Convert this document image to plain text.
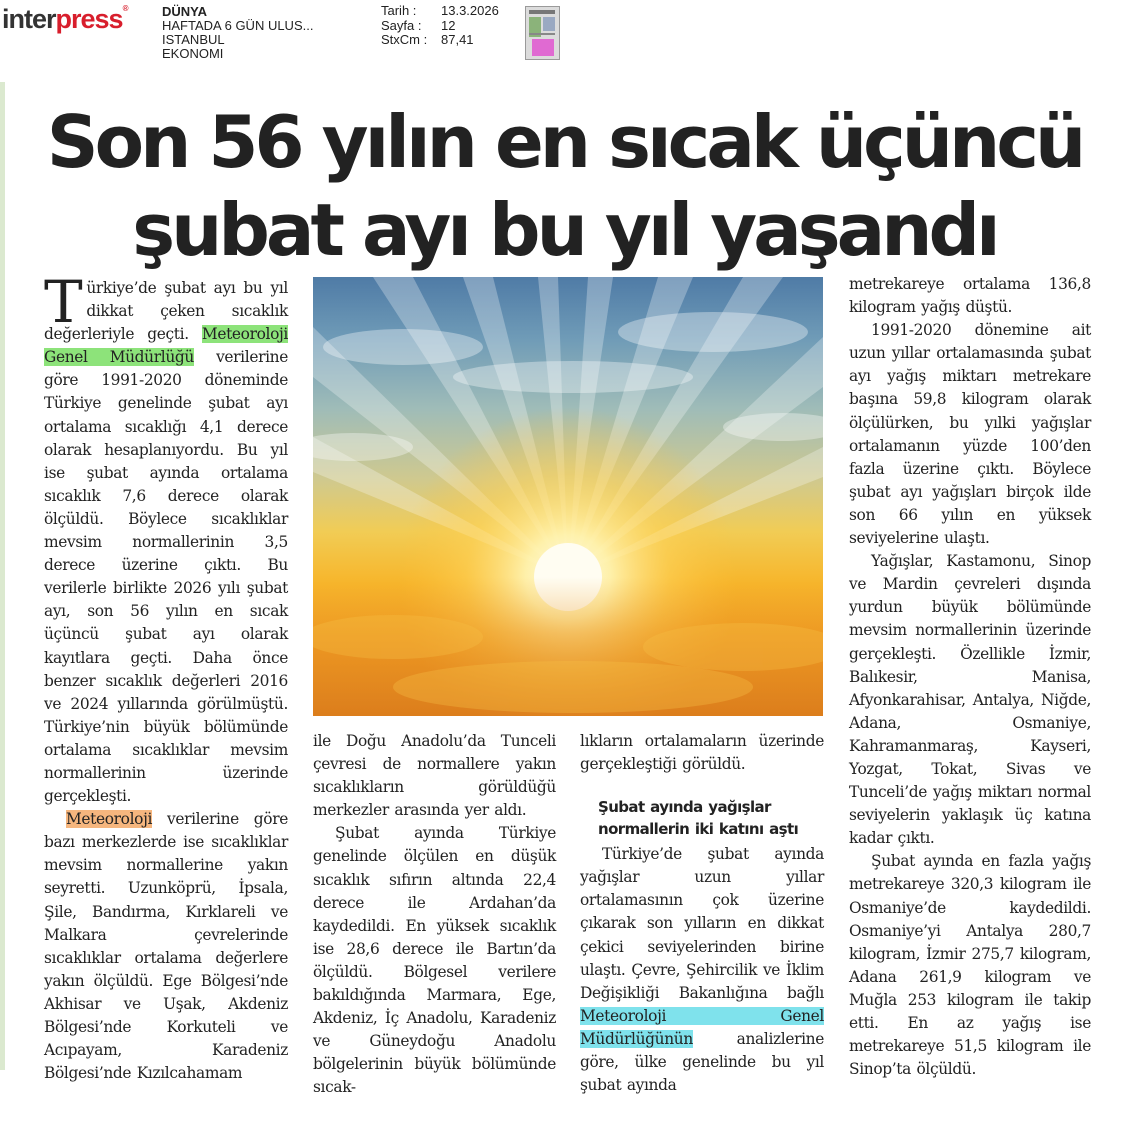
interpress®	DÜNYA
HAFTADA 6 GÜN ULUS...
ISTANBUL
EKONOMI
Tarih :	13.3.2026
Sayfa :	12
StxCm :	87,41
Son 56 yılın en sıcak üçüncü
şubat ayı bu yıl yaşandı

Türkiye’de şubat ayı bu yıl dikkat çeken sıcaklık değerleriyle geçti. Meteoroloji Genel Müdürlüğü verilerine göre 1991-2020 döneminde Türkiye genelinde şubat ayı ortalama sıcaklığı 4,1 derece olarak hesaplanıyordu. Bu yıl ise şubat ayında ortalama sıcaklık 7,6 derece olarak ölçüldü. Böylece sıcaklıklar mevsim normallerinin 3,5 derece üzerine çıktı. Bu verilerle birlikte 2026 yılı şubat ayı, son 56 yılın en sıcak üçüncü şubat ayı olarak kayıtlara geçti. Daha önce benzer sıcaklık değerleri 2016 ve 2024 yıllarında görülmüştü. Türkiye’nin büyük bölümünde ortalama sıcaklıklar mevsim normallerinin üzerinde gerçekleşti.

Meteoroloji verilerine göre bazı merkezlerde ise sıcaklıklar mevsim normallerine yakın seyretti. Uzunköprü, İpsala, Şile, Bandırma, Kırklareli ve Malkara çevrelerinde sıcaklıklar ortalama değerlere yakın ölçüldü. Ege Bölgesi’nde Akhisar ve Uşak, Akdeniz Bölgesi’nde Korkuteli ve Acıpayam, Karadeniz Bölgesi’nde Kızılcahamam

ile Doğu Anadolu’da Tunceli çevresi de normallere yakın sıcaklıkların görüldüğü merkezler arasında yer aldı.

Şubat ayında Türkiye genelinde ölçülen en düşük sıcaklık sıfırın altında 22,4 derece ile Ardahan’da kaydedildi. En yüksek sıcaklık ise 28,6 derece ile Bartın’da ölçüldü. Bölgesel verilere bakıldığında Marmara, Ege, Akdeniz, İç Anadolu, Karadeniz ve Güneydoğu Anadolu bölgelerinin büyük bölümünde sıcak-

lıkların ortalamaların üzerinde gerçekleştiği görüldü.

Şubat ayında yağışlar normallerin iki katını aştı

Türkiye’de şubat ayında yağışlar uzun yıllar ortalamasının çok üzerine çıkarak son yılların en dikkat çekici seviyelerinden birine ulaştı. Çevre, Şehircilik ve İklim Değişikliği Bakanlığına bağlı Meteoroloji Genel Müdürlüğünün analizlerine göre, ülke genelinde bu yıl şubat ayında

metrekareye ortalama 136,8 kilogram yağış düştü.

1991-2020 dönemine ait uzun yıllar ortalamasında şubat ayı yağış miktarı metrekare başına 59,8 kilogram olarak ölçülürken, bu yılki yağışlar ortalamanın yüzde 100’den fazla üzerine çıktı. Böylece şubat ayı yağışları birçok ilde son 66 yılın en yüksek seviyelerine ulaştı.

Yağışlar, Kastamonu, Sinop ve Mardin çevreleri dışında yurdun büyük bölümünde mevsim normallerinin üzerinde gerçekleşti. Özellikle İzmir, Balıkesir, Manisa, Afyonkarahisar, Antalya, Niğde, Adana, Osmaniye, Kahramanmaraş, Kayseri, Yozgat, Tokat, Sivas ve Tunceli’de yağış miktarı normal seviyelerin yaklaşık üç katına kadar çıktı.

Şubat ayında en fazla yağış metrekareye 320,3 kilogram ile Osmaniye’de kaydedildi. Osmaniye’yi Antalya 280,7 kilogram, İzmir 275,7 kilogram, Adana 261,9 kilogram ve Muğla 253 kilogram ile takip etti. En az yağış ise metrekareye 51,5 kilogram ile Sinop’ta ölçüldü.
